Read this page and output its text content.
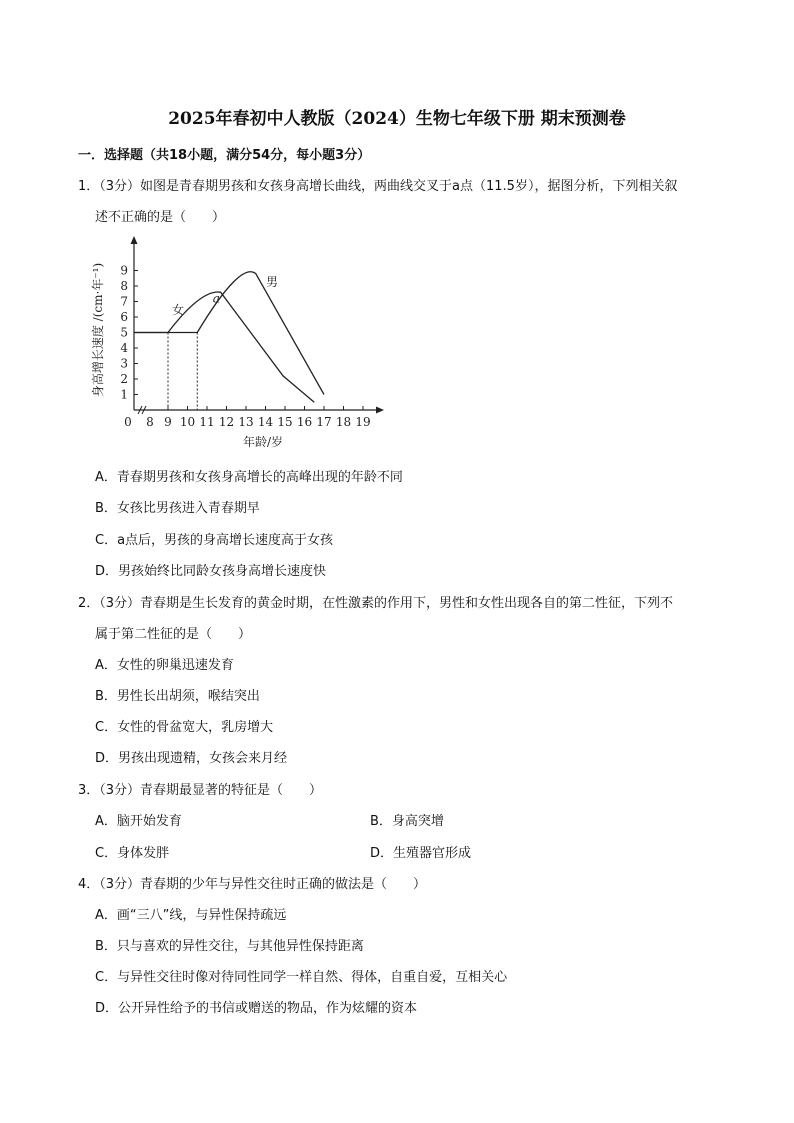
2025年春初中人教版（2024）生物七年级下册 期末预测卷
一．选择题（共18小题，满分54分，每小题3分）
1．（3分）如图是青春期男孩和女孩身高增长曲线，两曲线交叉于a点（11.5岁），据图分析，下列相关叙
述不正确的是（　　）
1
2
3
4
5
6
7
8
9
0 8 9 10 11 12 13 14 15 16 17 18 19
女
男
a
年龄/岁
身高增长速度 /(cm·年⁻¹)
A．青春期男孩和女孩身高增长的高峰出现的年龄不同
B．女孩比男孩进入青春期早
C．a点后，男孩的身高增长速度高于女孩
D．男孩始终比同龄女孩身高增长速度快
2．（3分）青春期是生长发育的黄金时期，在性激素的作用下，男性和女性出现各自的第二性征，下列不
属于第二性征的是（　　）
A．女性的卵巢迅速发育
B．男性长出胡须，喉结突出
C．女性的骨盆宽大，乳房增大
D．男孩出现遗精，女孩会来月经
3．（3分）青春期最显著的特征是（　　）
A．脑开始发育	B．身高突增
C．身体发胖	D．生殖器官形成
4．（3分）青春期的少年与异性交往时正确的做法是（　　）
A．画“三八”线，与异性保持疏远
B．只与喜欢的异性交往，与其他异性保持距离
C．与异性交往时像对待同性同学一样自然、得体，自重自爱，互相关心
D．公开异性给予的书信或赠送的物品，作为炫耀的资本
